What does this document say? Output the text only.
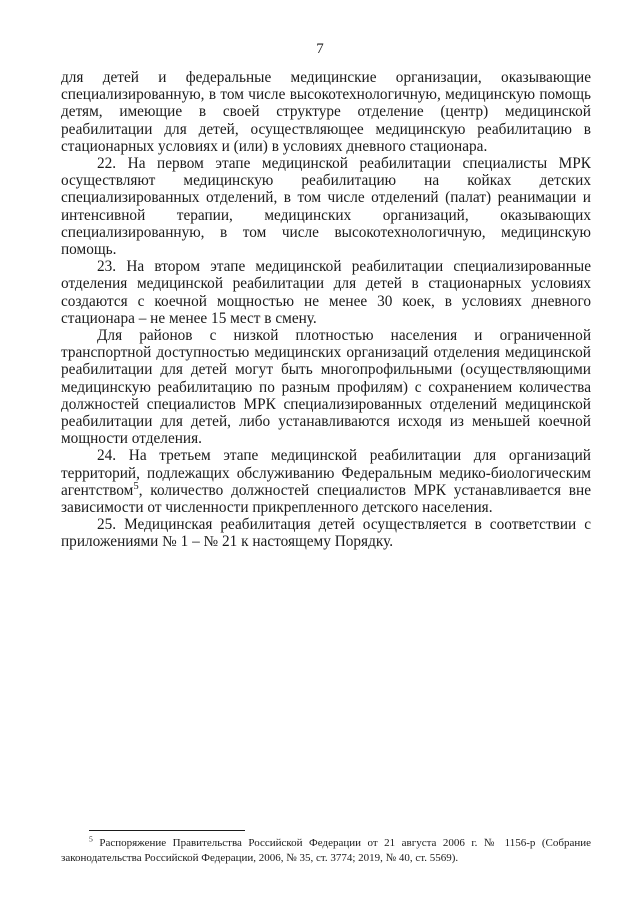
7

для детей и федеральные медицинские организации, оказывающие специализированную, в том числе высокотехнологичную, медицинскую помощь детям, имеющие в своей структуре отделение (центр) медицинской реабилитации для детей, осуществляющее медицинскую реабилитацию в стационарных условиях и (или) в условиях дневного стационара.

22. На первом этапе медицинской реабилитации специалисты МРК осуществляют медицинскую реабилитацию на койках детских специализированных отделений, в том числе отделений (палат) реанимации и интенсивной терапии, медицинских организаций, оказывающих специализированную, в том числе высокотехнологичную, медицинскую помощь.

23. На втором этапе медицинской реабилитации специализированные отделения медицинской реабилитации для детей в стационарных условиях создаются с коечной мощностью не менее 30 коек, в условиях дневного стационара – не менее 15 мест в смену.

Для районов с низкой плотностью населения и ограниченной транспортной доступностью медицинских организаций отделения медицинской реабилитации для детей могут быть многопрофильными (осуществляющими медицинскую реабилитацию по разным профилям) с сохранением количества должностей специалистов МРК специализированных отделений медицинской реабилитации для детей, либо устанавливаются исходя из меньшей коечной мощности отделения.

24. На третьем этапе медицинской реабилитации для организаций территорий, подлежащих обслуживанию Федеральным медико-биологическим агентством$^5$, количество должностей специалистов МРК устанавливается вне зависимости от численности прикрепленного детского населения.

25. Медицинская реабилитация детей осуществляется в соответствии с приложениями № 1 – № 21 к настоящему Порядку.

$^5$ Распоряжение Правительства Российской Федерации от 21 августа 2006 г. № 1156-р (Собрание законодательства Российской Федерации, 2006, № 35, ст. 3774; 2019, № 40, ст. 5569).
